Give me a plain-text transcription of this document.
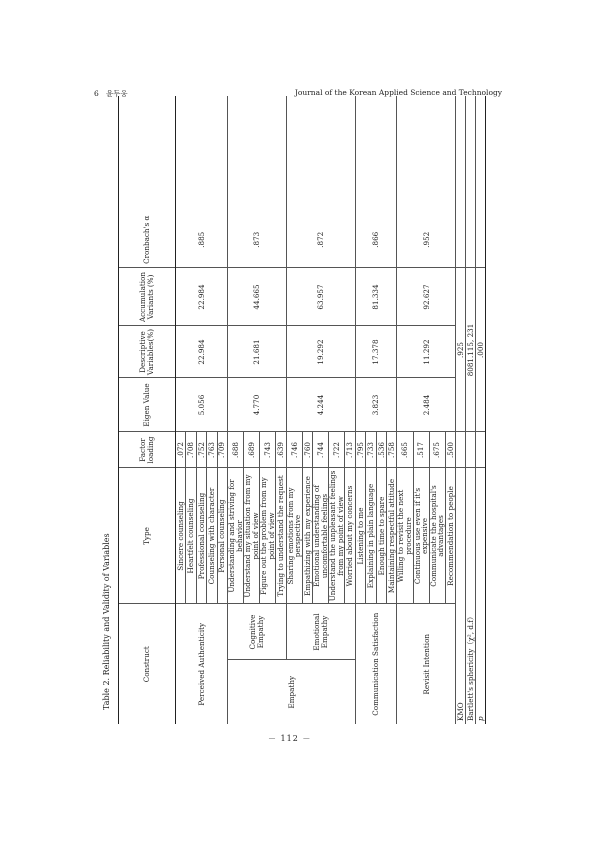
6 윤두웅	Journal of the Korean Applied Science and Technology
Table 2. Reliability and Validity of Variables	Construct		Type	Factor loading	Eigen Value	Descriptive Variables(%)	Accumulation Variants (%)	Cronbach's α	
Perceived Authenticity		Sincere counseling	.072	5.056	22.984	22.984	.885	
		Heartfelt counseling	.708					
		Professional counseling	.752					
		Counseling with character	.763					
		Personal counseling	.709					
Empathy	Cognitive Empathy	Understanding and striving for behavior	.688	4.770	21.681	44.665	.873	
		Understand my situation from my point of view	.689					
		Figure out the problem from my point of view	.743					
		Trying to understand the request	.639					
	Emotional Empathy	Sharing emotions from my perspective	.746	4.244	19.292	63.957	.872	
		Empathizing with my experience	.760					
		Emotional understanding of uncomfortable feelings	.744					
		Understand the unpleasant feelings from my point of view	.722					
		Worried about my concerns	.713					
Communication Satisfaction		Listening to me	.795	3.823	17.378	81.334	.866	
		Explaining in plain language	.733					
		Enough time to spare	.536					
		Maintaining respectful attitude	.758					
Revisit Intention		Willing to revisit the next procedure	.665	2.484	11.292	92.627	.952	
		Continuous use even if it's expensive	.517					
		Communicate the hospital's advantages	.675					
		Recommendation to people	.500					
KMO				.925				
Bartlett's sphericity（χ², d.f）				8081.115, 231				
p				.000				
－ 112 －
